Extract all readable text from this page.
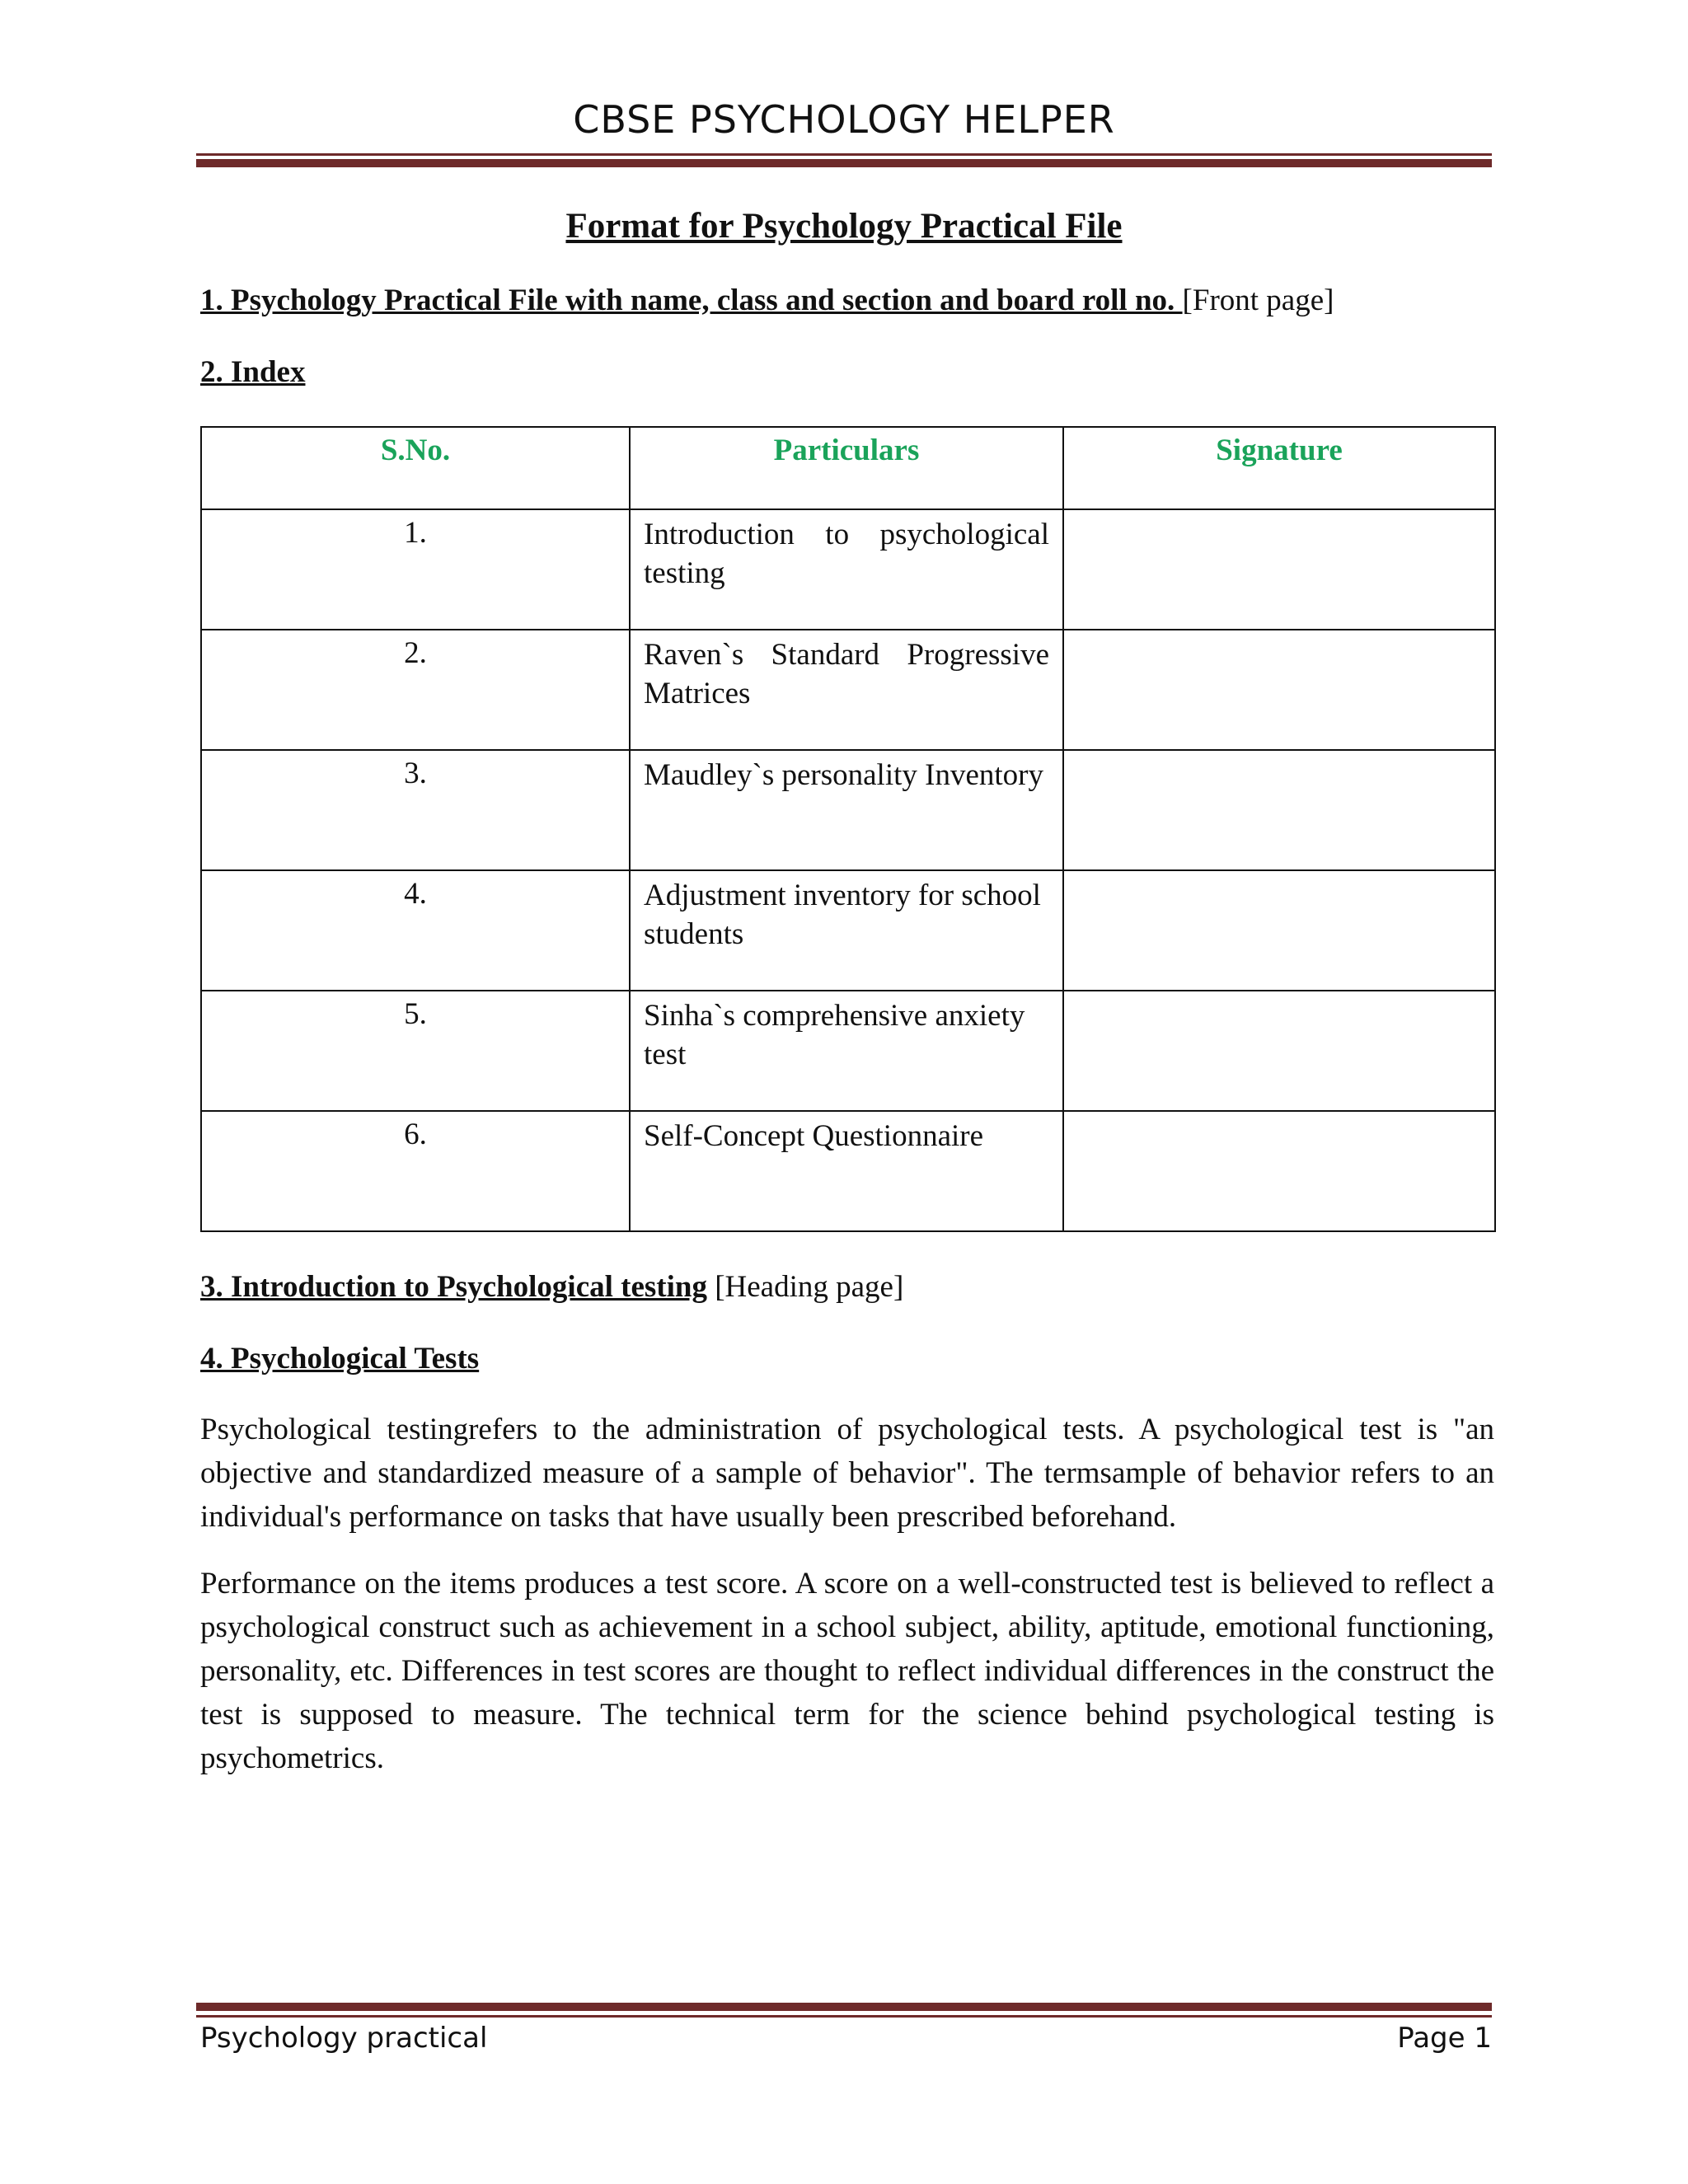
CBSE PSYCHOLOGY HELPER
Format for Psychology Practical File
1. Psychology Practical File with name, class and section and board roll no. [Front page]
2. Index
S.No.	Particulars	Signature
1.	Introduction to psychological testing	
2.	Raven`s Standard Progressive Matrices	
3.	Maudley`s personality Inventory	
4.	Adjustment inventory for school students	
5.	Sinha`s comprehensive anxiety test	
6.	Self-Concept Questionnaire	
3. Introduction to Psychological testing [Heading page]
4. Psychological Tests
Psychological testingrefers to the administration of psychological tests. A psychological test is "an objective and standardized measure of a sample of behavior". The termsample of behavior refers to an individual's performance on tasks that have usually been prescribed beforehand.
Performance on the items produces a test score. A score on a well-constructed test is believed to reflect a psychological construct such as achievement in a school subject, ability, aptitude, emotional functioning, personality, etc. Differences in test scores are thought to reflect individual differences in the construct the test is supposed to measure. The technical term for the science behind psychological testing is psychometrics.
Psychology practical	Page 1
